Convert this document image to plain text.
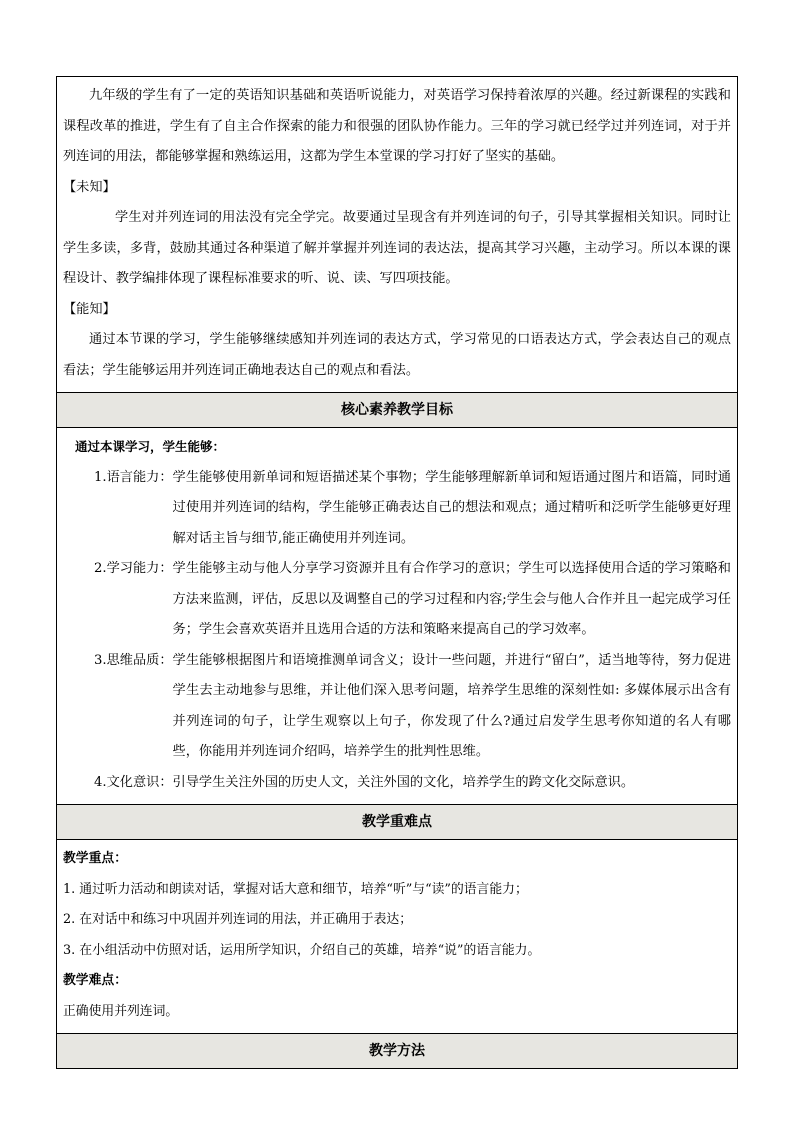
九年级的学生有了一定的英语知识基础和英语听说能力，对英语学习保持着浓厚的兴趣。经过新课程的实践和课程改革的推进，学生有了自主合作探索的能力和很强的团队协作能力。三年的学习就已经学过并列连词，对于并列连词的用法，都能够掌握和熟练运用，这都为学生本堂课的学习打好了坚实的基础。

【未知】

学生对并列连词的用法没有完全学完。故要通过呈现含有并列连词的句子，引导其掌握相关知识。同时让学生多读，多背，鼓励其通过各种渠道了解并掌握并列连词的表达法，提高其学习兴趣，主动学习。所以本课的课程设计、教学编排体现了课程标准要求的听、说、读、写四项技能。

【能知】

通过本节课的学习，学生能够继续感知并列连词的表达方式，学习常见的口语表达方式，学会表达自己的观点看法；学生能够运用并列连词正确地表达自己的观点和看法。

核心素养教学目标

通过本课学习，学生能够：

1.语言能力： 学生能够使用新单词和短语描述某个事物；学生能够理解新单词和短语通过图片和语篇，同时通过使用并列连词的结构，学生能够正确表达自己的想法和观点；通过精听和泛听学生能够更好理解对话主旨与细节,能正确使用并列连词。
2.学习能力： 学生能够主动与他人分享学习资源并且有合作学习的意识；学生可以选择使用合适的学习策略和方法来监测，评估，反思以及调整自己的学习过程和内容;学生会与他人合作并且一起完成学习任务；学生会喜欢英语并且选用合适的方法和策略来提高自己的学习效率。
3.思维品质： 学生能够根据图片和语境推测单词含义；设计一些问题，并进行“留白”，适当地等待，努力促进学生去主动地参与思维，并让他们深入思考问题，培养学生思维的深刻性如: 多媒体展示出含有并列连词的句子，让学生观察以上句子，你发现了什么?通过启发学生思考你知道的名人有哪些，你能用并列连词介绍吗，培养学生的批判性思维。
4.文化意识： 引导学生关注外国的历史人文，关注外国的文化，培养学生的跨文化交际意识。

教学重难点

教学重点：

1. 通过听力活动和朗读对话，掌握对话大意和细节，培养“听”与“读”的语言能力；

2. 在对话中和练习中巩固并列连词的用法，并正确用于表达；

3. 在小组活动中仿照对话，运用所学知识，介绍自己的英雄，培养“说”的语言能力。

教学难点：

正确使用并列连词。

教学方法
